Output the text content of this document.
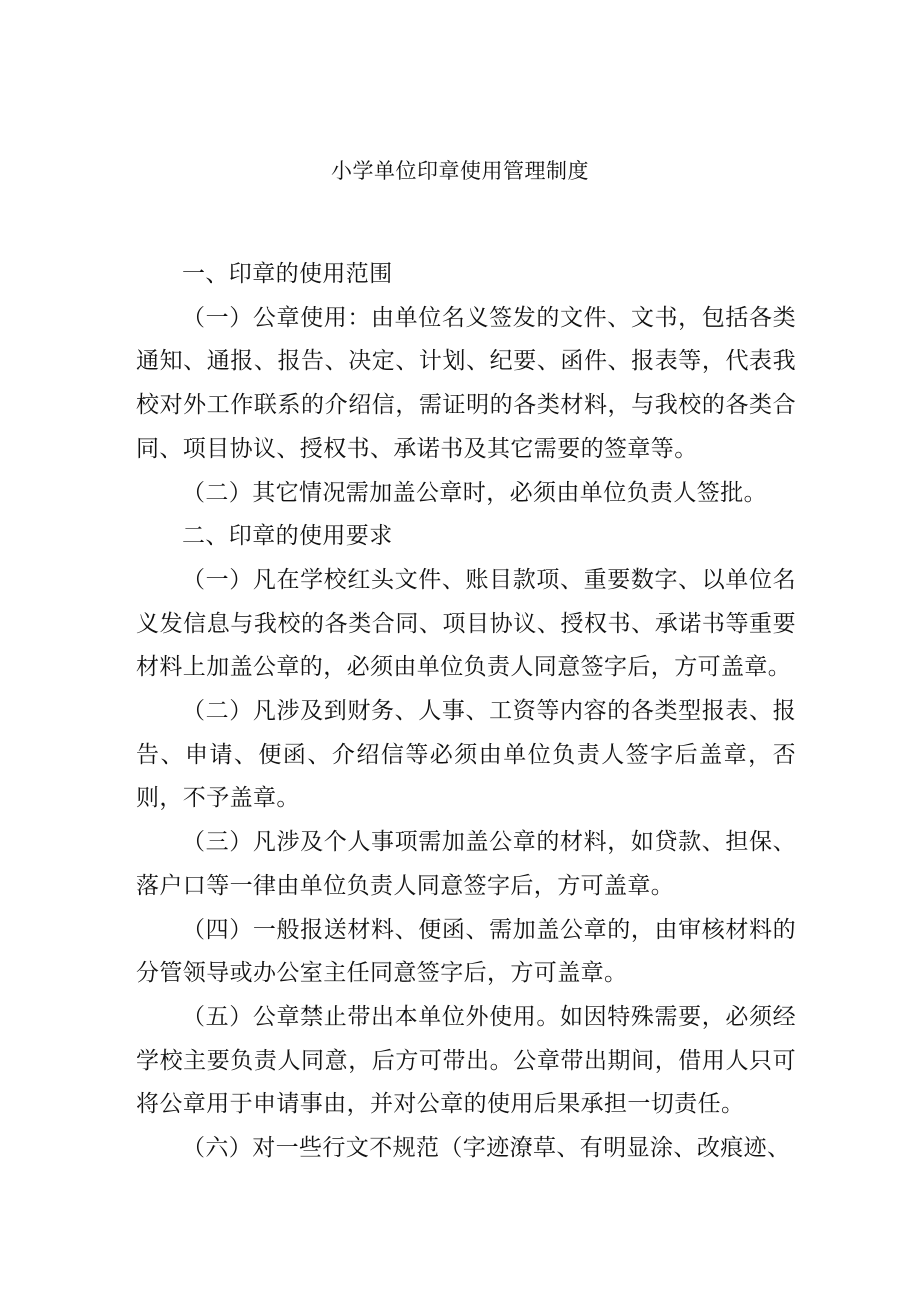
小学单位印章使用管理制度

一、印章的使用范围

（一）公章使用：由单位名义签发的文件、文书，包括各类通知、通报、报告、决定、计划、纪要、函件、报表等，代表我校对外工作联系的介绍信，需证明的各类材料，与我校的各类合同、项目协议、授权书、承诺书及其它需要的签章等。

（二）其它情况需加盖公章时，必须由单位负责人签批。

二、印章的使用要求

（一）凡在学校红头文件、账目款项、重要数字、以单位名义发信息与我校的各类合同、项目协议、授权书、承诺书等重要材料上加盖公章的，必须由单位负责人同意签字后，方可盖章。

（二）凡涉及到财务、人事、工资等内容的各类型报表、报告、申请、便函、介绍信等必须由单位负责人签字后盖章，否则，不予盖章。

（三）凡涉及个人事项需加盖公章的材料，如贷款、担保、落户口等一律由单位负责人同意签字后，方可盖章。

（四）一般报送材料、便函、需加盖公章的，由审核材料的分管领导或办公室主任同意签字后，方可盖章。

（五）公章禁止带出本单位外使用。如因特殊需要，必须经学校主要负责人同意，后方可带出。公章带出期间，借用人只可将公章用于申请事由，并对公章的使用后果承担一切责任。

（六）对一些行文不规范（字迹潦草、有明显涂、改痕迹、
